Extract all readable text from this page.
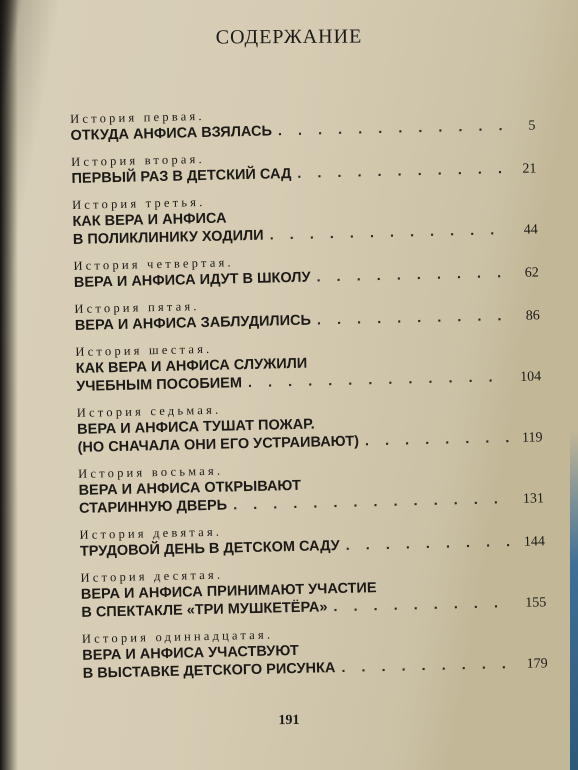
СОДЕРЖАНИЕ
История первая.
ОТКУДА АНФИСА ВЗЯЛАСЬ . . .	5
История вторая.
ПЕРВЫЙ РАЗ В ДЕТСКИЙ САД . . .	21
История третья.
КАК ВЕРА И АНФИСА
В ПОЛИКЛИНИКУ ХОДИЛИ . . .	44
История четвертая.
ВЕРА И АНФИСА ИДУТ В ШКОЛУ . . .	62
История пятая.
ВЕРА И АНФИСА ЗАБЛУДИЛИСЬ . . .	86
История шестая.
КАК ВЕРА И АНФИСА СЛУЖИЛИ
УЧЕБНЫМ ПОСОБИЕМ . . .	104
История седьмая.
ВЕРА И АНФИСА ТУШАТ ПОЖАР.
(НО СНАЧАЛА ОНИ ЕГО УСТРАИВАЮТ) . . .	119
История восьмая.
ВЕРА И АНФИСА ОТКРЫВАЮТ
СТАРИННУЮ ДВЕРЬ . . .	131
История девятая.
ТРУДОВОЙ ДЕНЬ В ДЕТСКОМ САДУ . . .	144
История десятая.
ВЕРА И АНФИСА ПРИНИМАЮТ УЧАСТИЕ
В СПЕКТАКЛЕ «ТРИ МУШКЕТЁРА» . . .	155
История одиннадцатая.
ВЕРА И АНФИСА УЧАСТВУЮТ
В ВЫСТАВКЕ ДЕТСКОГО РИСУНКА . . .	179
191
